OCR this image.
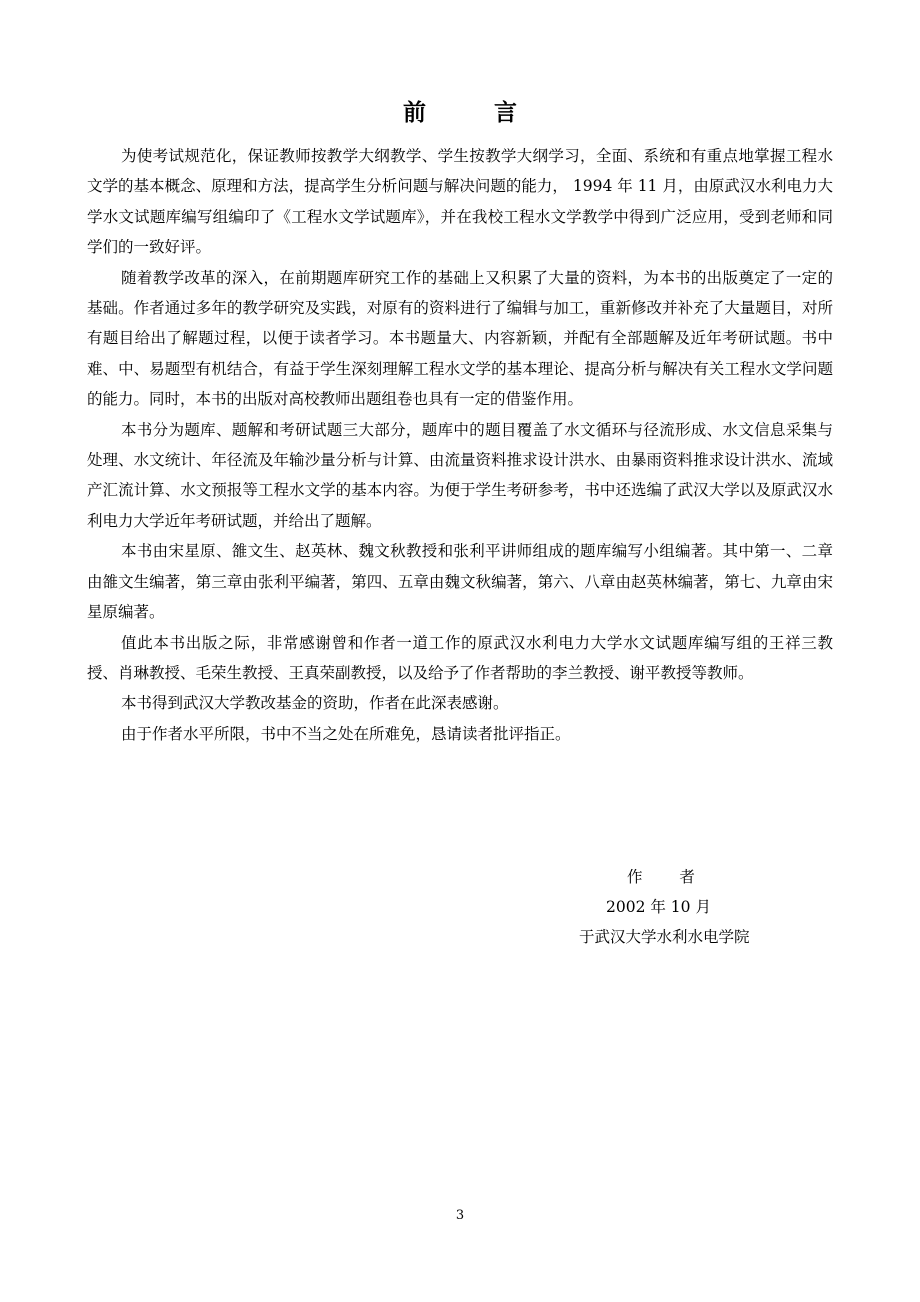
前 言

为使考试规范化，保证教师按教学大纲教学、学生按教学大纲学习，全面、系统和有重点地掌握工程水文学的基本概念、原理和方法，提高学生分析问题与解决问题的能力， 1994 年 11 月，由原武汉水利电力大学水文试题库编写组编印了《工程水文学试题库》，并在我校工程水文学教学中得到广泛应用，受到老师和同学们的一致好评。

随着教学改革的深入，在前期题库研究工作的基础上又积累了大量的资料，为本书的出版奠定了一定的基础。作者通过多年的教学研究及实践，对原有的资料进行了编辑与加工，重新修改并补充了大量题目，对所有题目给出了解题过程，以便于读者学习。本书题量大、内容新颖，并配有全部题解及近年考研试题。书中难、中、易题型有机结合，有益于学生深刻理解工程水文学的基本理论、提高分析与解决有关工程水文学问题的能力。同时，本书的出版对高校教师出题组卷也具有一定的借鉴作用。

本书分为题库、题解和考研试题三大部分，题库中的题目覆盖了水文循环与径流形成、水文信息采集与处理、水文统计、年径流及年输沙量分析与计算、由流量资料推求设计洪水、由暴雨资料推求设计洪水、流域产汇流计算、水文预报等工程水文学的基本内容。为便于学生考研参考，书中还选编了武汉大学以及原武汉水利电力大学近年考研试题，并给出了题解。

本书由宋星原、雒文生、赵英林、魏文秋教授和张利平讲师组成的题库编写小组编著。其中第一、二章由雒文生编著，第三章由张利平编著，第四、五章由魏文秋编著，第六、八章由赵英林编著，第七、九章由宋星原编著。

值此本书出版之际，非常感谢曾和作者一道工作的原武汉水利电力大学水文试题库编写组的王祥三教授、肖琳教授、毛荣生教授、王真荣副教授，以及给予了作者帮助的李兰教授、谢平教授等教师。

本书得到武汉大学教改基金的资助，作者在此深表感谢。

由于作者水平所限，书中不当之处在所难免，恳请读者批评指正。

作 者
2002 年 10 月
于武汉大学水利水电学院
3
